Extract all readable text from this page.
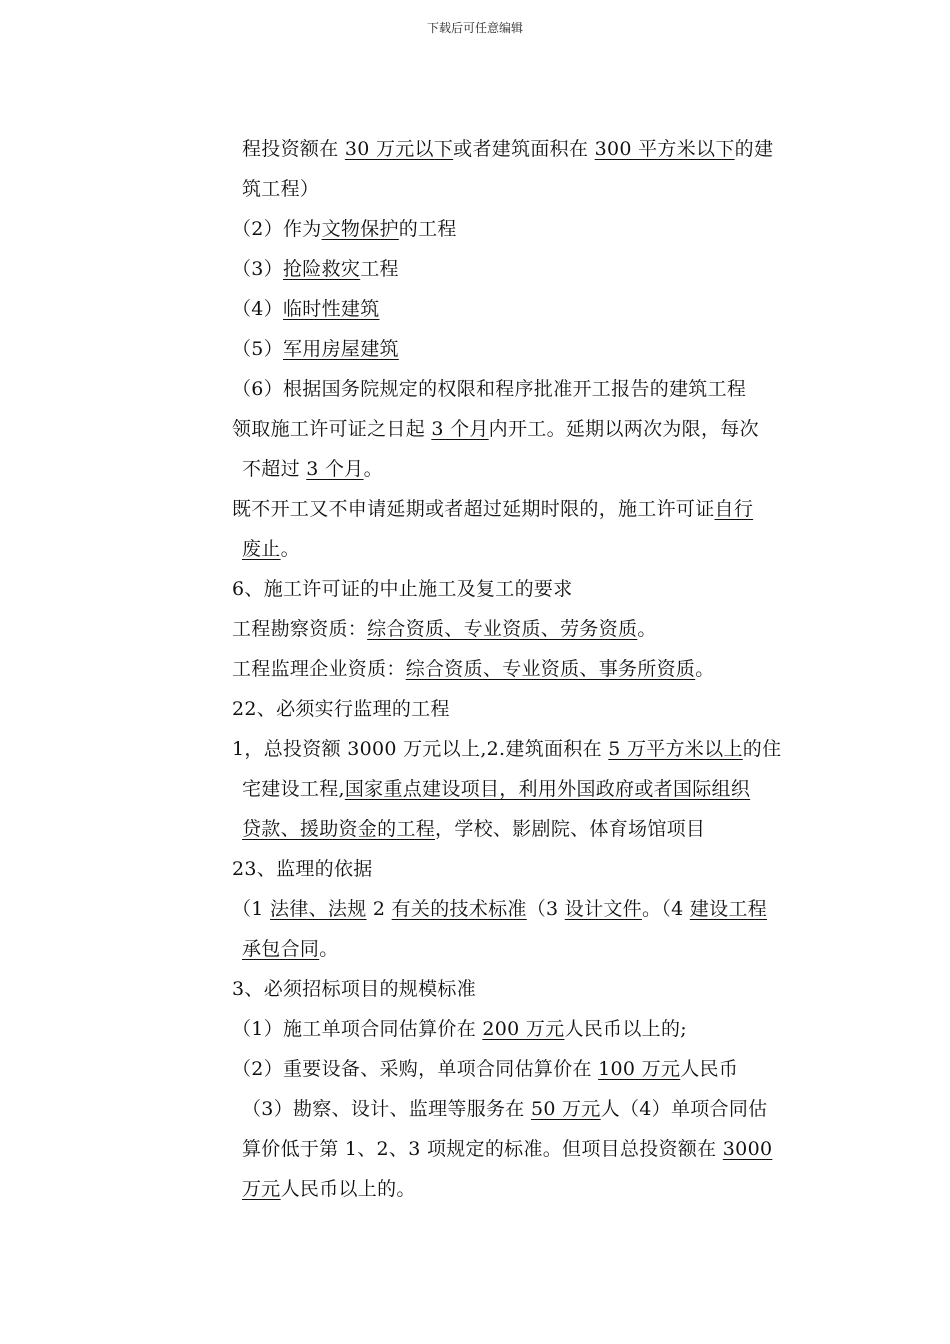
下载后可任意编辑
程投资额在 30 万元以下或者建筑面积在 300 平方米以下的建
筑工程）
（2）作为文物保护的工程
（3）抢险救灾工程
（4）临时性建筑
（5）军用房屋建筑
（6）根据国务院规定的权限和程序批准开工报告的建筑工程
领取施工许可证之日起 3 个月内开工。延期以两次为限，每次
不超过 3 个月。
既不开工又不申请延期或者超过延期时限的，施工许可证自行
废止。
6、施工许可证的中止施工及复工的要求
工程勘察资质：综合资质、专业资质、劳务资质。
工程监理企业资质：综合资质、专业资质、事务所资质。
22、必须实行监理的工程
1，总投资额 3000 万元以上,2.建筑面积在 5 万平方米以上的住
宅建设工程,国家重点建设项目，利用外国政府或者国际组织
贷款、援助资金的工程，学校、影剧院、体育场馆项目
23、监理的依据
（1 法律、法规 2 有关的技术标准（3 设计文件。（4 建设工程
承包合同。
3、必须招标项目的规模标准
（1）施工单项合同估算价在 200 万元人民币以上的;
（2）重要设备、采购，单项合同估算价在 100 万元人民币
（3）勘察、设计、监理等服务在 50 万元人（4）单项合同估
算价低于第 1、2、3 项规定的标准。但项目总投资额在 3000
万元人民币以上的。
